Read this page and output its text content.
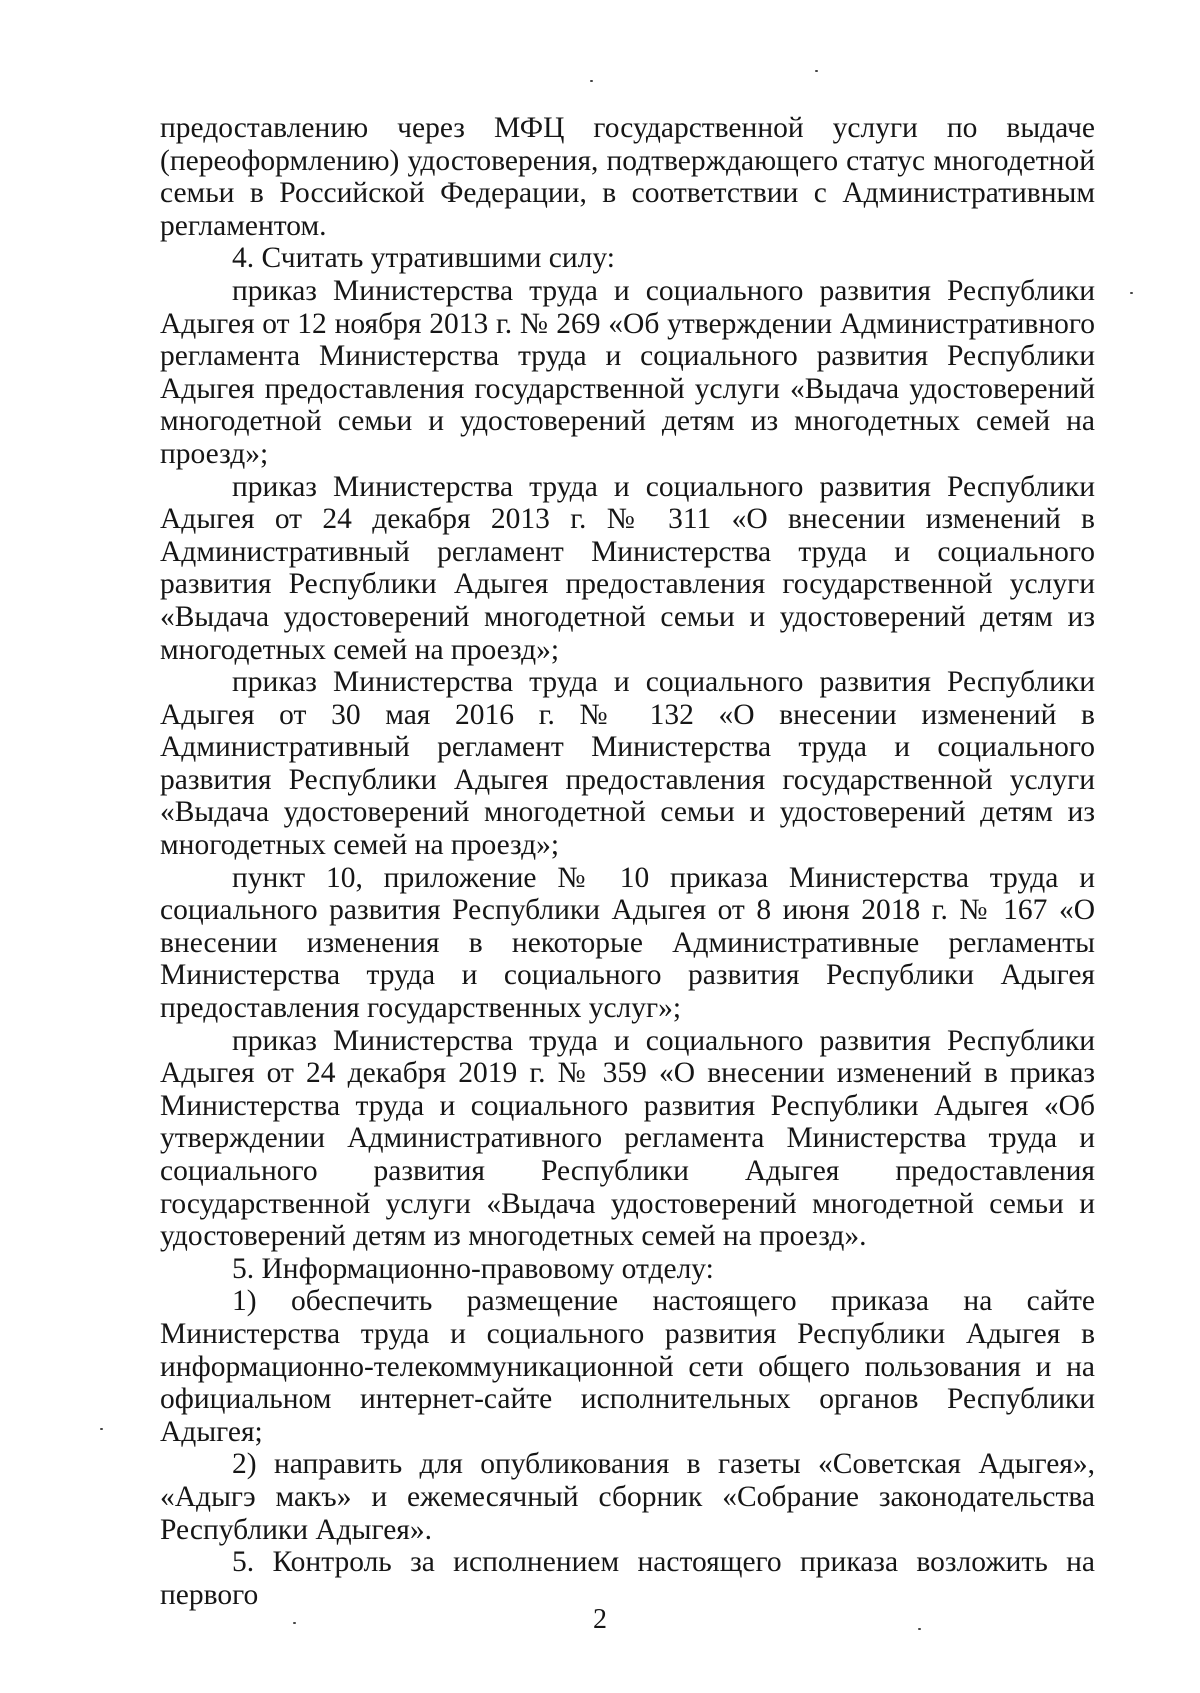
предоставлению через МФЦ государственной услуги по выдаче (переоформлению) удостоверения, подтверждающего статус многодетной семьи в Российской Федерации, в соответствии с Административным регламентом.

4. Считать утратившими силу:

приказ Министерства труда и социального развития Республики Адыгея от 12 ноября 2013 г. № 269 «Об утверждении Административного регламента Министерства труда и социального развития Республики Адыгея предоставления государственной услуги «Выдача удостоверений многодетной семьи и удостоверений детям из многодетных семей на проезд»;

приказ Министерства труда и социального развития Республики Адыгея от 24 декабря 2013 г. № 311 «О внесении изменений в Административный регламент Министерства труда и социального развития Республики Адыгея предоставления государственной услуги «Выдача удостоверений многодетной семьи и удостоверений детям из многодетных семей на проезд»;

приказ Министерства труда и социального развития Республики Адыгея от 30 мая 2016 г. № 132 «О внесении изменений в Административный регламент Министерства труда и социального развития Республики Адыгея предоставления государственной услуги «Выдача удостоверений многодетной семьи и удостоверений детям из многодетных семей на проезд»;

пункт 10, приложение № 10 приказа Министерства труда и социального развития Республики Адыгея от 8 июня 2018 г. № 167 «О внесении изменения в некоторые Административные регламенты Министерства труда и социального развития Республики Адыгея предоставления государственных услуг»;

приказ Министерства труда и социального развития Республики Адыгея от 24 декабря 2019 г. № 359 «О внесении изменений в приказ Министерства труда и социального развития Республики Адыгея «Об утверждении Административного регламента Министерства труда и социального развития Республики Адыгея предоставления государственной услуги «Выдача удостоверений многодетной семьи и удостоверений детям из многодетных семей на проезд».

5. Информационно-правовому отделу:

1) обеспечить размещение настоящего приказа на сайте Министерства труда и социального развития Республики Адыгея в информационно-телекоммуникационной сети общего пользования и на официальном интернет-сайте исполнительных органов Республики Адыгея;

2) направить для опубликования в газеты «Советская Адыгея», «Адыгэ макъ» и ежемесячный сборник «Собрание законодательства Республики Адыгея».

5. Контроль за исполнением настоящего приказа возложить на первого

2
